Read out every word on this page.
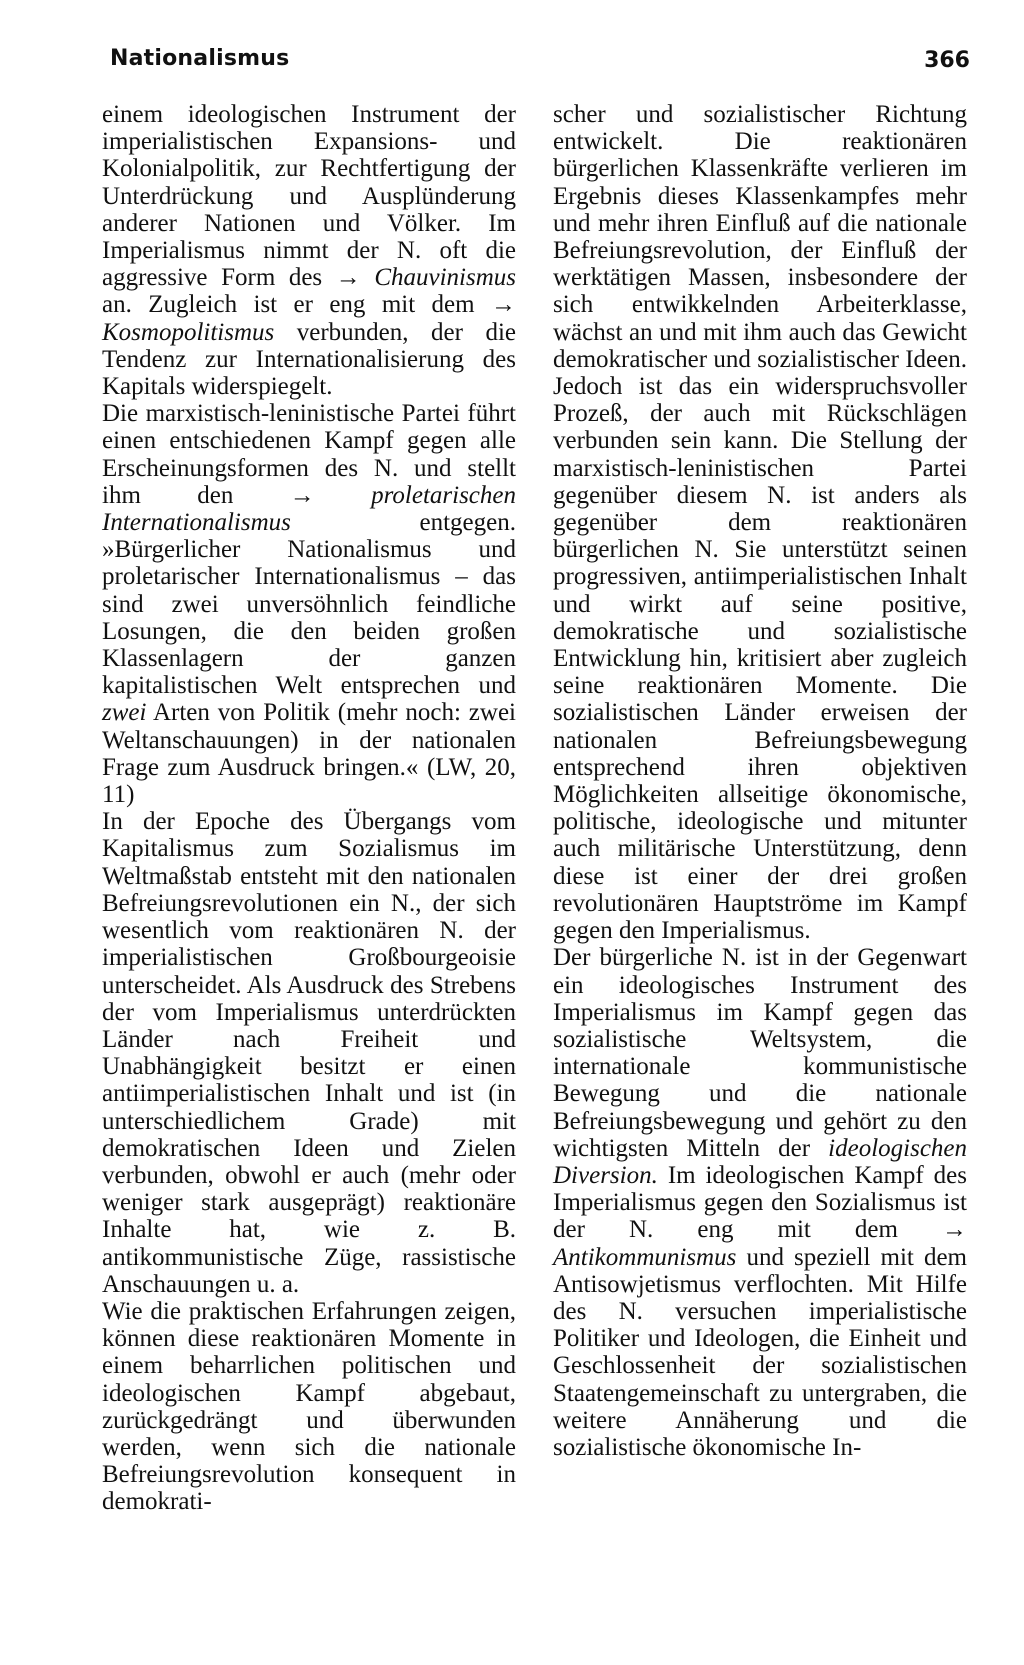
Nationalismus	366

einem ideologischen Instrument der imperialistischen Expansions- und Kolonialpolitik, zur Rechtfertigung der Unterdrückung und Ausplünderung anderer Nationen und Völker. Im Imperialismus nimmt der N. oft die aggressive Form des → Chauvinismus an. Zugleich ist er eng mit dem → Kosmopolitismus verbunden, der die Tendenz zur Internationalisierung des Kapitals widerspiegelt.

Die marxistisch-leninistische Partei führt einen entschiedenen Kampf gegen alle Erscheinungsformen des N. und stellt ihm den → proletarischen Internationalismus	entgegen. »Bürgerlicher Nationalismus und proletarischer Internationalismus – das sind zwei unversöhnlich feindliche Losungen, die den beiden großen Klassenlagern der ganzen kapitalistischen Welt entsprechen und zwei Arten von Politik (mehr noch: zwei Weltanschauungen) in der nationalen Frage zum Ausdruck bringen.« (LW, 20, 11)

In der Epoche des Übergangs vom Kapitalismus zum Sozialismus im Weltmaßstab entsteht mit den nationalen Befreiungsrevolutionen ein N., der sich wesentlich vom reaktionären N. der imperialistischen Großbourgeoisie unterscheidet. Als Ausdruck des Strebens der vom Imperialismus unterdrückten Länder nach Freiheit und Unabhängigkeit besitzt er einen antiimperialistischen Inhalt und ist (in unterschiedlichem Grade) mit demokratischen Ideen und Zielen verbunden, obwohl er auch (mehr oder weniger stark ausgeprägt) reaktionäre Inhalte hat, wie z. B. antikommunistische Züge, rassistische Anschauungen u. a.

Wie die praktischen Erfahrungen zeigen, können diese reaktionären Momente in einem beharrlichen politischen und ideologischen Kampf abgebaut, zurückgedrängt und überwunden werden, wenn sich die nationale Befreiungsrevolution konsequent in demokrati-

scher und sozialistischer Richtung entwickelt. Die reaktionären bürgerlichen Klassenkräfte verlieren im Ergebnis dieses Klassenkampfes mehr und mehr ihren Einfluß auf die nationale Befreiungsrevolution, der Einfluß der werktätigen Massen, insbesondere der sich entwikkelnden Arbeiterklasse, wächst an und mit ihm auch das Gewicht demokratischer und sozialistischer Ideen. Jedoch ist das ein widerspruchsvoller Prozeß, der auch mit Rückschlägen verbunden sein kann. Die Stellung der marxistisch-leninistischen Partei gegenüber diesem N. ist anders als gegenüber dem reaktionären bürgerlichen N. Sie unterstützt seinen progressiven, antiimperialistischen Inhalt und wirkt auf seine positive, demokratische und sozialistische Entwicklung hin, kritisiert aber zugleich seine reaktionären Momente. Die sozialistischen Länder erweisen der nationalen Befreiungsbewegung entsprechend ihren objektiven Möglichkeiten allseitige ökonomische, politische, ideologische und mitunter auch militärische Unterstützung, denn diese ist einer der drei großen revolutionären Hauptströme im Kampf gegen den Imperialismus.

Der bürgerliche N. ist in der Gegenwart ein ideologisches Instrument des Imperialismus im Kampf gegen das sozialistische Weltsystem, die internationale kommunistische Bewegung und die nationale Befreiungsbewegung und gehört zu den wichtigsten Mitteln der ideologischen Diversion. Im ideologischen Kampf des Imperialismus gegen den Sozialismus ist der N. eng mit dem → Antikommunismus und speziell mit dem Antisowjetismus verflochten. Mit Hilfe des N. versuchen imperialistische Politiker und Ideologen, die Einheit und Geschlossenheit der sozialistischen Staatengemeinschaft zu untergraben, die weitere Annäherung und die sozialistische ökonomische In-
